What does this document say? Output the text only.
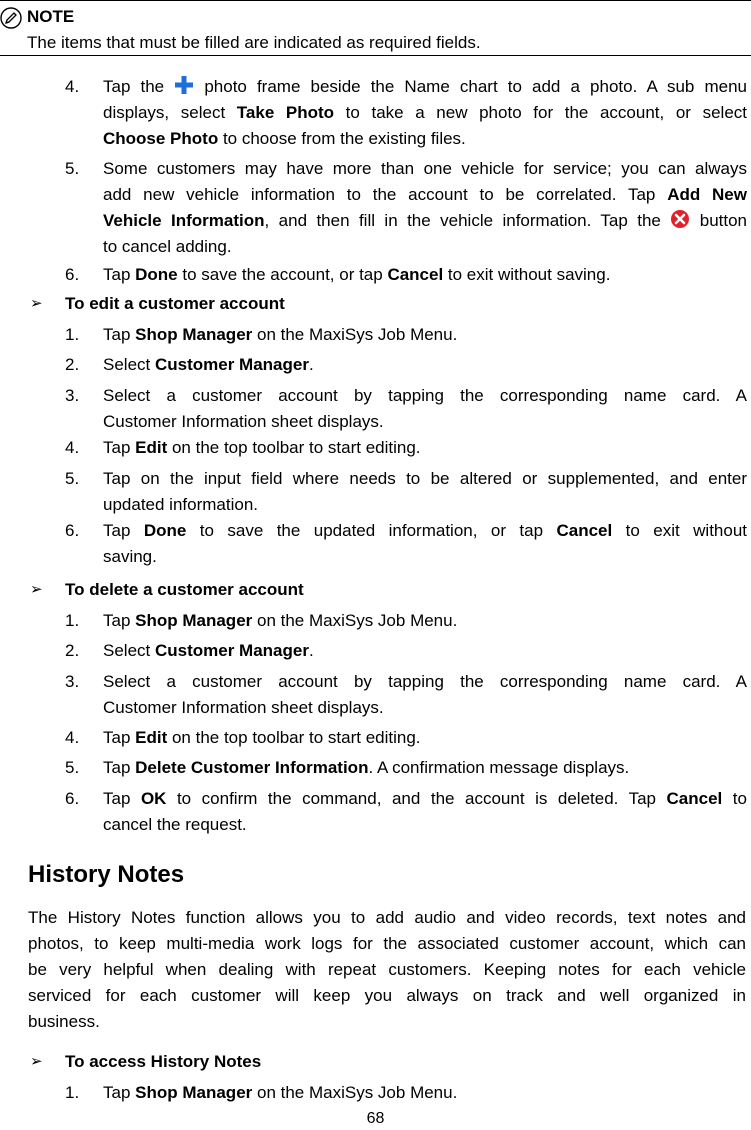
NOTE
The items that must be filled are indicated as required fields.
4. Tap the  photo frame beside the Name chart to add a photo. A sub menu
displays, select Take Photo to take a new photo for the account, or select
Choose Photo to choose from the existing files.
5. Some customers may have more than one vehicle for service; you can always
add new vehicle information to the account to be correlated. Tap Add New
Vehicle Information, and then fill in the vehicle information. Tap the  button
to cancel adding.
6. Tap Done to save the account, or tap Cancel to exit without saving.
➢ To edit a customer account
1. Tap Shop Manager on the MaxiSys Job Menu.
2. Select Customer Manager.
3. Select a customer account by tapping the corresponding name card. A
Customer Information sheet displays.
4. Tap Edit on the top toolbar to start editing.
5. Tap on the input field where needs to be altered or supplemented, and enter
updated information.
6. Tap Done to save the updated information, or tap Cancel to exit without
saving.
➢ To delete a customer account
1. Tap Shop Manager on the MaxiSys Job Menu.
2. Select Customer Manager.
3. Select a customer account by tapping the corresponding name card. A
Customer Information sheet displays.
4. Tap Edit on the top toolbar to start editing.
5. Tap Delete Customer Information. A confirmation message displays.
6. Tap OK to confirm the command, and the account is deleted. Tap Cancel to
cancel the request.
➢ To access History Notes
1. Tap Shop Manager on the MaxiSys Job Menu.
History Notes
The History Notes function allows you to add audio and video records, text notes and
photos, to keep multi-media work logs for the associated customer account, which can
be very helpful when dealing with repeat customers. Keeping notes for each vehicle
serviced for each customer will keep you always on track and well organized in
business.
68
